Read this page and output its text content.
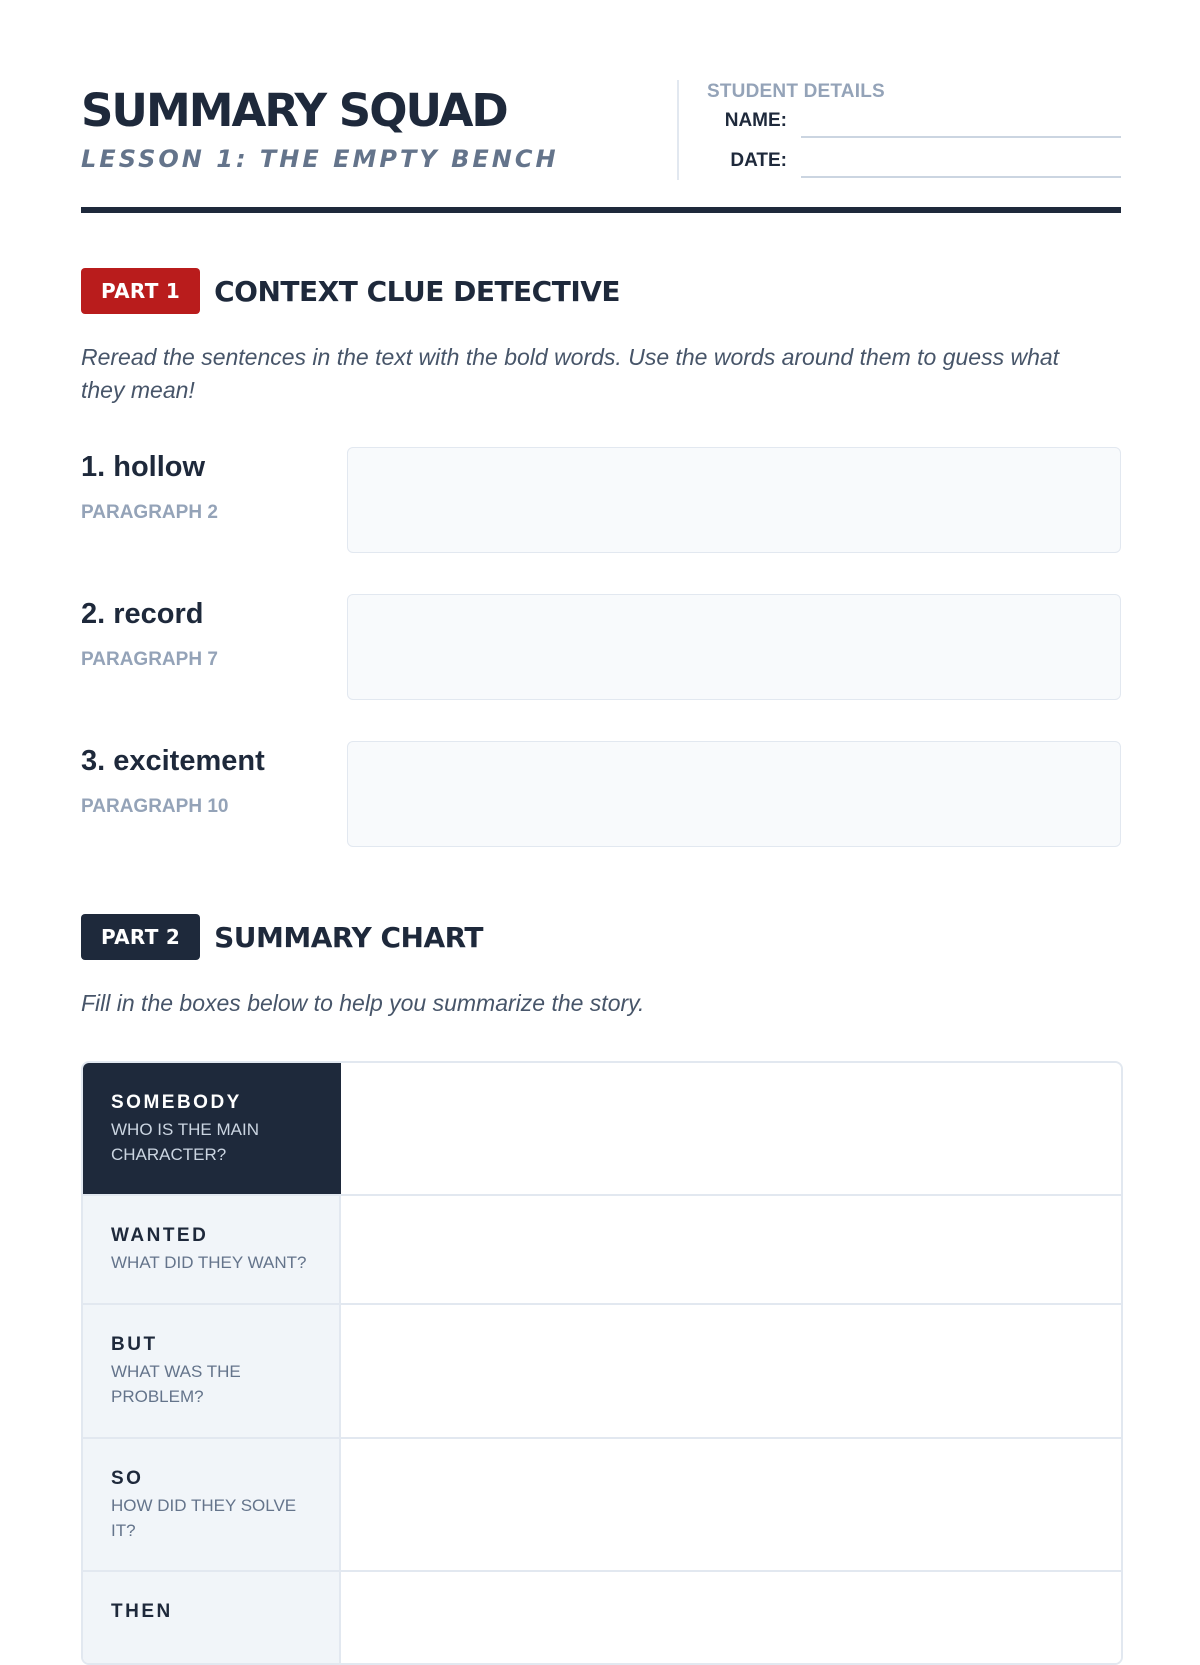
SUMMARY SQUAD
LESSON 1: THE EMPTY BENCH
STUDENT DETAILS
NAME:
DATE:
PART 1	CONTEXT CLUE DETECTIVE

Reread the sentences in the text with the bold words. Use the words around them to guess what they mean!

1. hollow
PARAGRAPH 2
2. record
PARAGRAPH 7
3. excitement
PARAGRAPH 10
PART 2	SUMMARY CHART

Fill in the boxes below to help you summarize the story.

SOMEBODY
WHO IS THE MAIN CHARACTER?
WANTED
WHAT DID THEY WANT?
BUT
WHAT WAS THE PROBLEM?
SO
HOW DID THEY SOLVE IT?
THEN
